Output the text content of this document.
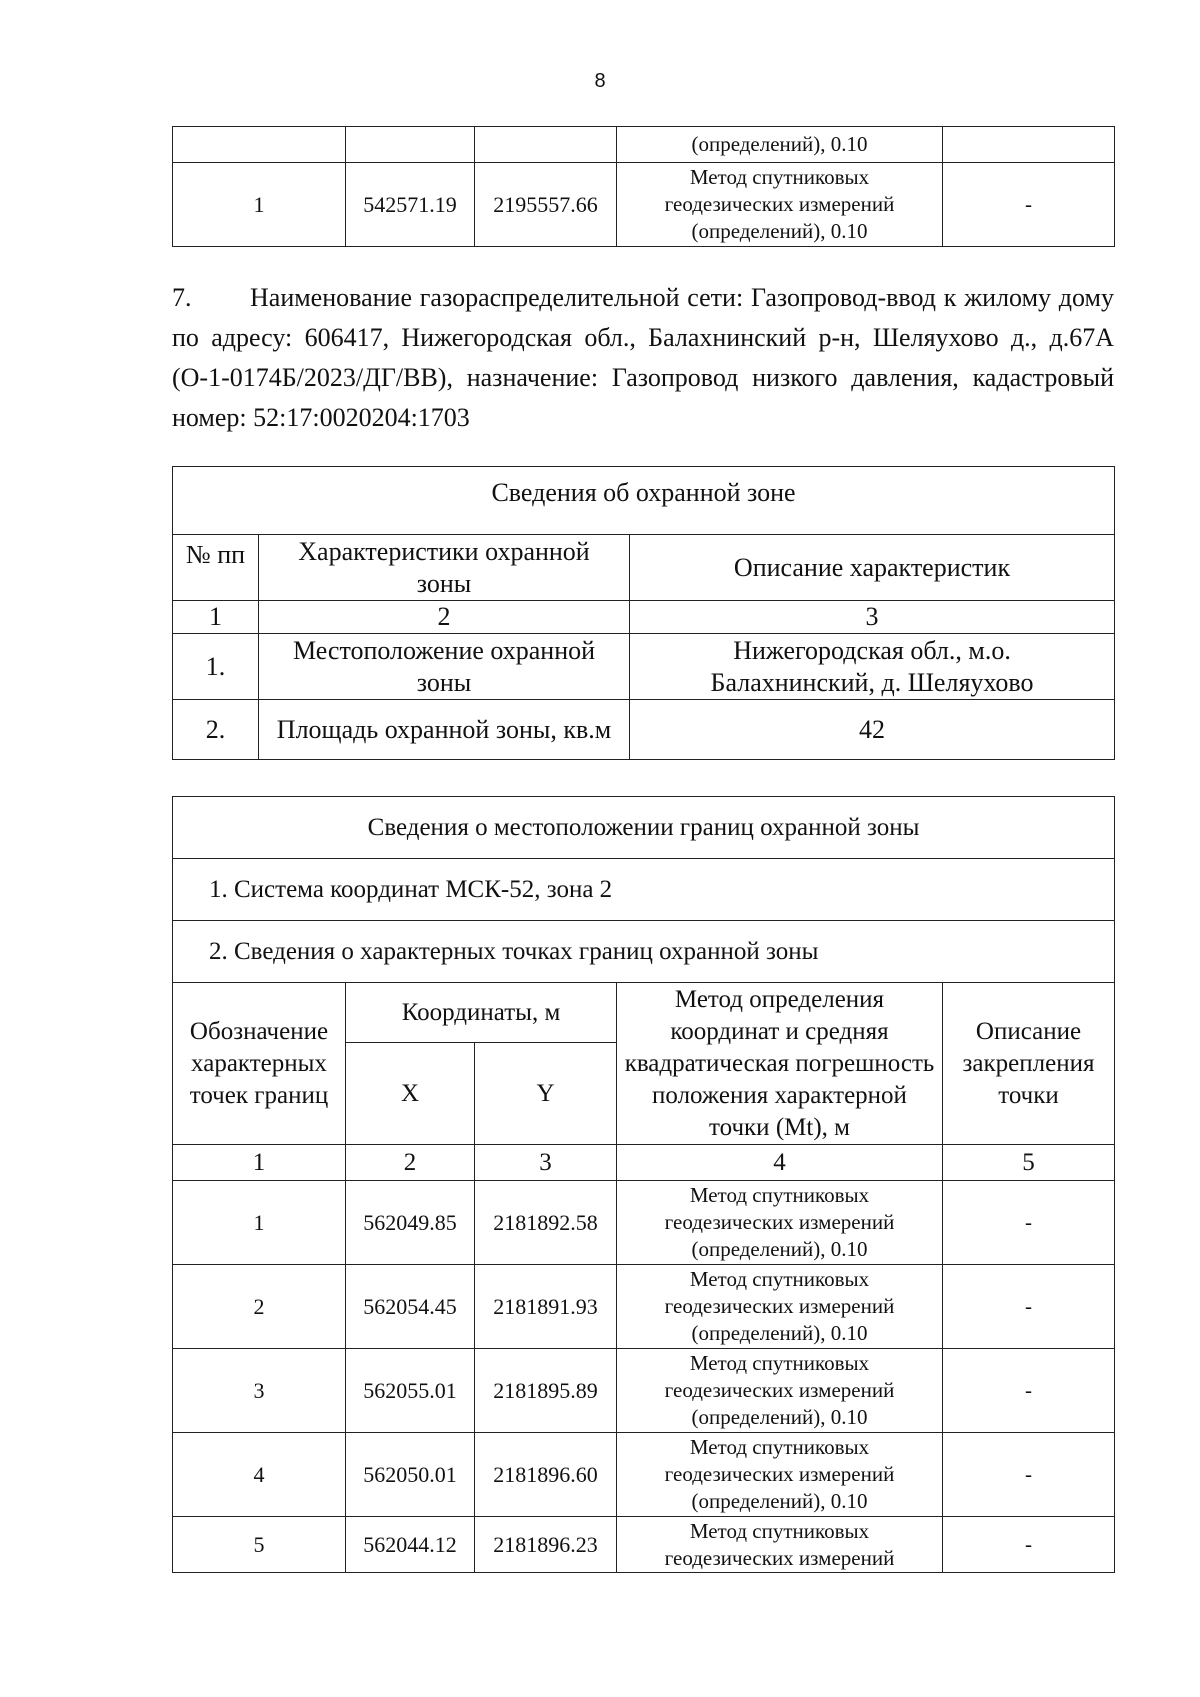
8
			(определений), 0.10	
1	542571.19	2195557.66	Метод спутниковых
геодезических измерений
(определений), 0.10	-
7. Наименование газораспределительной сети: Газопровод-ввод к жилому дому по адресу: 606417, Нижегородская обл., Балахнинский р-н, Шеляухово д., д.67А (О-1-0174Б/2023/ДГ/ВВ), назначение: Газопровод низкого давления, кадастровый номер: 52:17:0020204:1703
Сведения об охранной зоне		
№ пп	Характеристики охранной зоны	Описание характеристик
1	2	3
1.	Местоположение охранной зоны	Нижегородская обл., м.о. Балахнинский, д. Шеляухово
2.	Площадь охранной зоны, кв.м	42
Сведения о местоположении границ охранной зоны				
1. Система координат МСК-52, зона 2				
2. Сведения о характерных точках границ охранной зоны				
Обозначение характерных точек границ	Координаты, м		Метод определения координат и средняя квадратическая погрешность положения характерной точки (Mt), м	Описание закрепления точки
	X	Y		
1	2	3	4	5
1	562049.85	2181892.58	Метод спутниковых
геодезических измерений
(определений), 0.10	-
2	562054.45	2181891.93	Метод спутниковых
геодезических измерений
(определений), 0.10	-
3	562055.01	2181895.89	Метод спутниковых
геодезических измерений
(определений), 0.10	-
4	562050.01	2181896.60	Метод спутниковых
геодезических измерений
(определений), 0.10	-
5	562044.12	2181896.23	Метод спутниковых
геодезических измерений	-
